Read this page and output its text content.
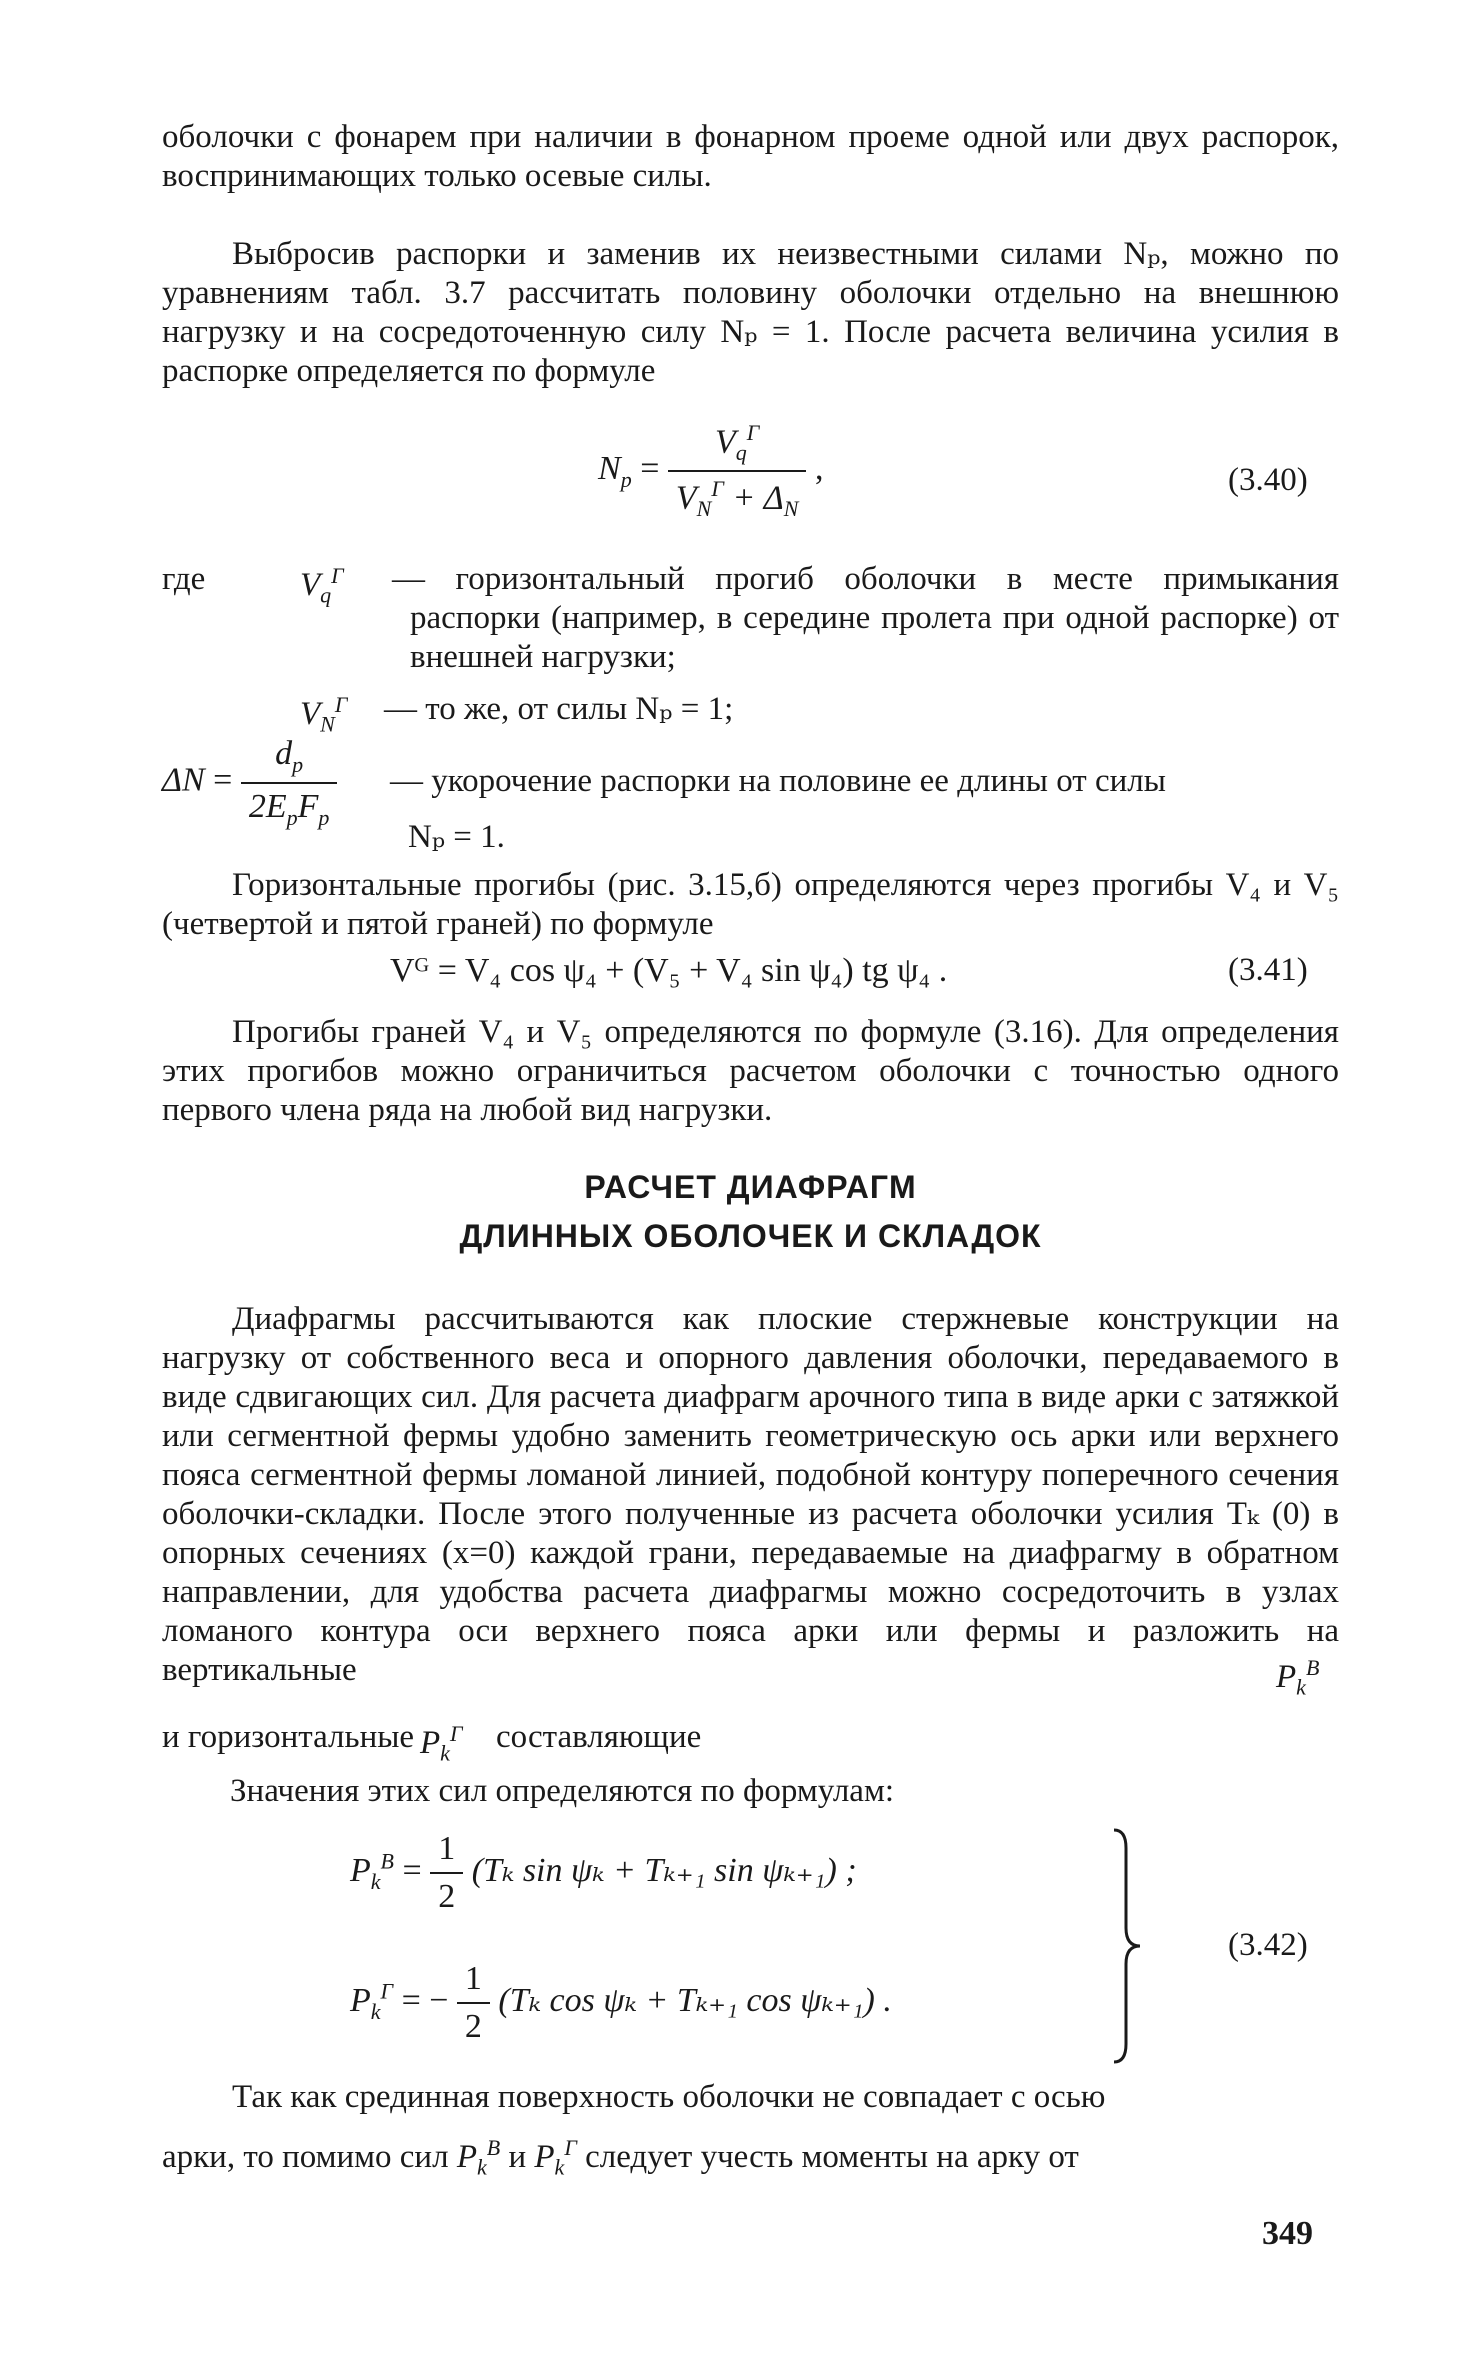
оболочки с фонарем при наличии в фонарном проеме одной или двух распорок, воспринимающих только осевые силы.

Выбросив распорки и заменив их неизвестными силами Nₚ, можно по уравнениям табл. 3.7 рассчитать половину оболочки отдельно на внешнюю нагрузку и на сосредоточенную силу Nₚ = 1. После расчета величина усилия в распорке определяется по формуле

$N_p = \frac{V_q^Г}{V_N^Г + \Delta_N}$ ,	(3.40)
где	$V_q^Г$ — горизонтальный прогиб оболочки в месте примыкания распорки (например, в середине пролета при одной распорке) от внешней нагрузки;

$V_N^Г$ — то же, от силы Nₚ = 1;
$\Delta N = \frac{d_p}{2E_pF_p}$ — укорочение распорки на половине ее длины от силы
Nₚ = 1.

Горизонтальные прогибы (рис. 3.15,б) определяются через прогибы V₄ и V₅ (четвертой и пятой граней) по формуле

Vᴳ = V₄ cos ψ₄ + (V₅ + V₄ sin ψ₄) tg ψ₄ .	(3.41)

Прогибы граней V₄ и V₅ определяются по формуле (3.16). Для определения этих прогибов можно ограничиться расчетом оболочки с точностью одного первого члена ряда на любой вид нагрузки.

РАСЧЕТ ДИАФРАГМ
ДЛИННЫХ ОБОЛОЧЕК И СКЛАДОК

Диафрагмы рассчитываются как плоские стержневые конструкции на нагрузку от собственного веса и опорного давления оболочки, передаваемого в виде сдвигающих сил. Для расчета диафрагм арочного типа в виде арки с затяжкой или сегментной фермы удобно заменить геометрическую ось арки или верхнего пояса сегментной фермы ломаной линией, подобной контуру поперечного сечения оболочки-складки. После этого полученные из расчета оболочки усилия Tₖ (0) в опорных сечениях (x=0) каждой грани, передаваемые на диафрагму в обратном направлении, для удобства расчета диафрагмы можно сосредоточить в узлах ломаного контура оси верхнего пояса арки или фермы и разложить на вертикальные	$P_k^В$
и горизонтальные $P_k^Г$ составляющие
Значения этих сил определяются по формулам:
$P_k^В = \frac{1}{2} (T_k$ sin ψₖ + Tₖ₊₁ sin ψₖ₊₁) ;
$P_k^Г$ = − $\frac{1}{2} (T_k$ cos ψₖ + Tₖ₊₁ cos ψₖ₊₁) .
(3.42)
Так как срединная поверхность оболочки не совпадает с осью
арки, то помимо сил $P_k^В$ и $P_k^Г$ следует учесть моменты на арку от
349
